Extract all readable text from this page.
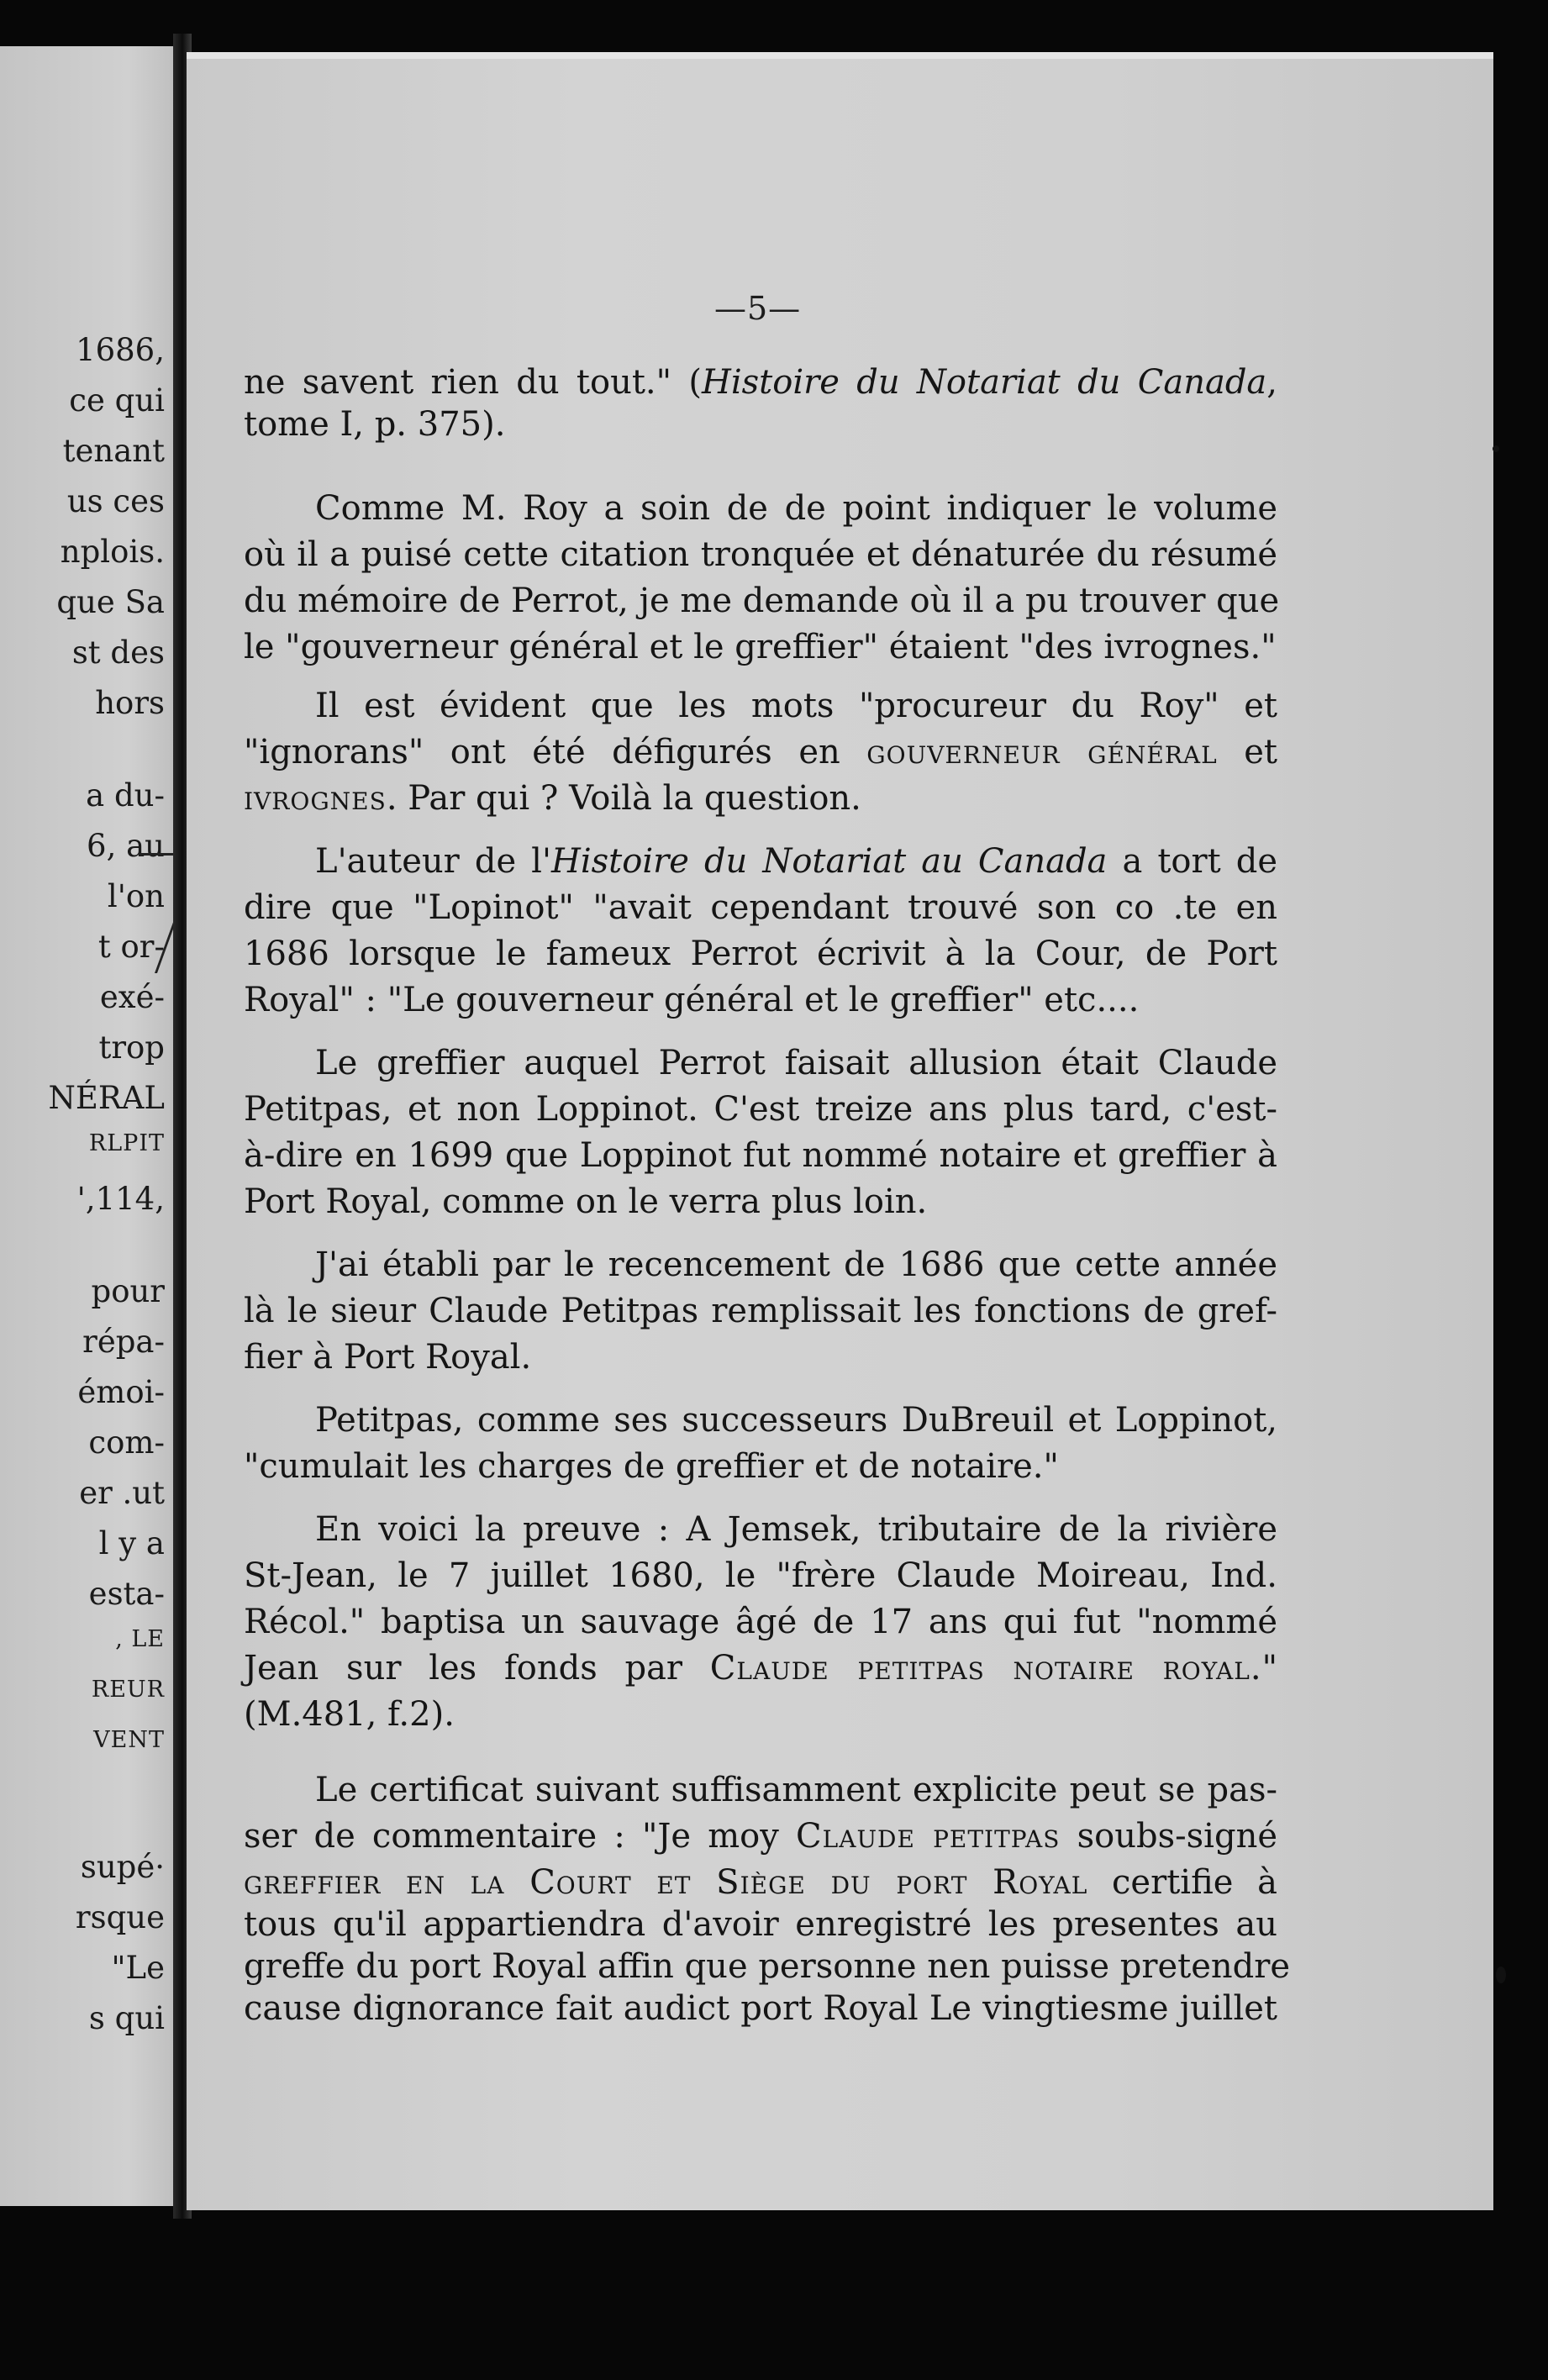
1686,
ce qui
tenant
us ces
nplois.
que Sa
st des
hors
a du-
6, au
l'on
t or-
exé-
trop
NÉRAL
RLPIT
',114,
pour
répa-
émoi-
com-
er .ut
l y a
esta-
, LE
REUR
VENT
supé·
rsque
"Le
s qui
—5—
ne savent rien du tout." (Histoire du Notariat du Canada,
tome I, p. 375).
Comme M. Roy a soin de de point indiquer le volume
où il a puisé cette citation tronquée et dénaturée du résumé
du mémoire de Perrot, je me demande où il a pu trouver que
le "gouverneur général et le greffier" étaient "des ivrognes."
Il est évident que les mots "procureur du Roy" et
"ignorans" ont été défigurés en gouverneur général et
ivrognes. Par qui ? Voilà la question.
L'auteur de l'Histoire du Notariat au Canada a tort de
dire que "Lopinot" "avait cependant trouvé son co .te en
1686 lorsque le fameux Perrot écrivit à la Cour, de Port
Royal" : "Le gouverneur général et le greffier" etc....
Le greffier auquel Perrot faisait allusion était Claude
Petitpas, et non Loppinot. C'est treize ans plus tard, c'est-
à-dire en 1699 que Loppinot fut nommé notaire et greffier à
Port Royal, comme on le verra plus loin.
J'ai établi par le recencement de 1686 que cette année
là le sieur Claude Petitpas remplissait les fonctions de gref-
fier à Port Royal.
Petitpas, comme ses successeurs DuBreuil et Loppinot,
"cumulait les charges de greffier et de notaire."
En voici la preuve : A Jemsek, tributaire de la rivière
St-Jean, le 7 juillet 1680, le "frère Claude Moireau, Ind.
Récol." baptisa un sauvage âgé de 17 ans qui fut "nommé
Jean sur les fonds par Claude petitpas notaire royal."
(M.481, f.2).
Le certificat suivant suffisamment explicite peut se pas-
ser de commentaire : "Je moy Claude petitpas soubs-signé
greffier en la Court et Siège du port Royal certifie à
tous qu'il appartiendra d'avoir enregistré les presentes au
greffe du port Royal affin que personne nen puisse pretendre
cause dignorance fait audict port Royal Le vingtiesme juillet
